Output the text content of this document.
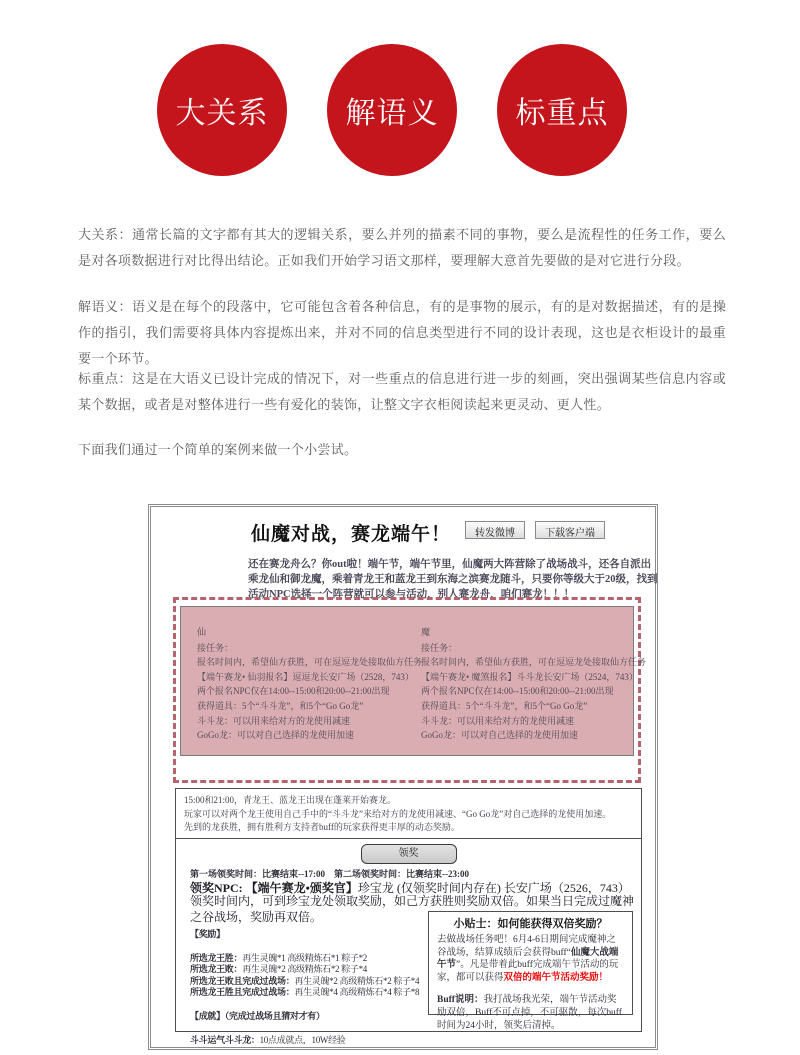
大关系	解语义	标重点
大关系：通常长篇的文字都有其大的逻辑关系，要么并列的描素不同的事物，要么是流程性的任务工作，要么是对各项数据进行对比得出结论。正如我们开始学习语文那样，要理解大意首先要做的是对它进行分段。
解语义：语义是在每个的段落中，它可能包含着各种信息，有的是事物的展示，有的是对数据描述，有的是操作的指引，我们需要将具体内容提炼出来，并对不同的信息类型进行不同的设计表现，这也是衣柜设计的最重要一个环节。
标重点：这是在大语义已设计完成的情况下，对一些重点的信息进行进一步的刻画，突出强调某些信息内容或某个数据，或者是对整体进行一些有爱化的装饰，让整文字衣柜阅读起来更灵动、更人性。
下面我们通过一个简单的案例来做一个小尝试。
仙魔对战，赛龙端午！	转发微博	下载客户端
还在赛龙舟么？你out啦！端午节，端午节里，仙魔两大阵营除了战场战斗，还各自派出
乘龙仙和御龙魔，乘着青龙王和蓝龙王到东海之滨赛龙随斗，只要你等级大于20级，找到
活动NPC选择一个阵营就可以参与活动，别人赛龙舟，咱们赛龙！！！
仙
接任务：
报名时间内，希望仙方获胜，可在逗逗龙处接取仙方任务
【端午赛龙• 仙羽报名】逗逗龙长安广场（2528，743）
两个报名NPC仅在14:00--15:00和20:00--21:00出现
获得道具：5个“斗斗龙”，和5个“Go Go龙”
斗斗龙：可以用来给对方的龙使用减速
GoGo龙：可以对自己选择的龙使用加速
魔
接任务：
报名时间内，希望仙方获胜，可在逗逗龙处接取仙方任务
【端午赛龙• 魔煞报名】斗斗龙长安广场（2524，743）
两个报名NPC仅在14:00--15:00和20:00--21:00出现
获得道具：5个“斗斗龙”，和5个“Go Go龙”
斗斗龙：可以用来给对方的龙使用减速
GoGo龙：可以对自己选择的龙使用加速
15:00和21:00，青龙王、蓝龙王出现在蓬莱开始赛龙。
玩家可以对两个龙王使用自己手中的“斗斗龙”来给对方的龙使用减速、“Go Go龙”对自己选择的龙使用加速。
先到的龙获胜，拥有胜利方支持者buff的玩家获得更丰厚的动态奖励。
领奖
第一场领奖时间：比赛结束--17:00　第二场领奖时间：比赛结束--23:00
领奖NPC: 【端午赛龙•颁奖官】珍宝龙 (仅领奖时间内存在) 长安广场（2526，743）
领奖时间内，可到珍宝龙处领取奖励，如己方获胜则奖励双倍。如果当日完成过魔神之谷战场，奖励再双倍。
【奖励】
所选龙王胜：再生灵魄*1 高级精炼石*1 粽子*2
所选龙王败：再生灵魄*2 高级精炼石*2 粽子*4
所选龙王败且完成过战场：再生灵魄*2 高级精炼石*2 粽子*4
所选龙王胜且完成过战场：再生灵魄*4 高级精炼石*4 粽子*8
【成就】（完成过战场且猜对才有）
斗斗运气斗斗龙：10点成就点，10W经验
小贴士：如何能获得双倍奖励？
去做战场任务吧！6月4-6日期间完成魔神之谷战场，结算成绩后会获得buff“仙魔大战端午节”。凡是带着此buff完成端午节活动的玩家，都可以获得双倍的端午节活动奖励！
Buff说明：我打战场我光荣，端午节活动奖励双倍，Buff不可点掉，不可驱散，每次buff时间为24小时，领奖后清掉。
